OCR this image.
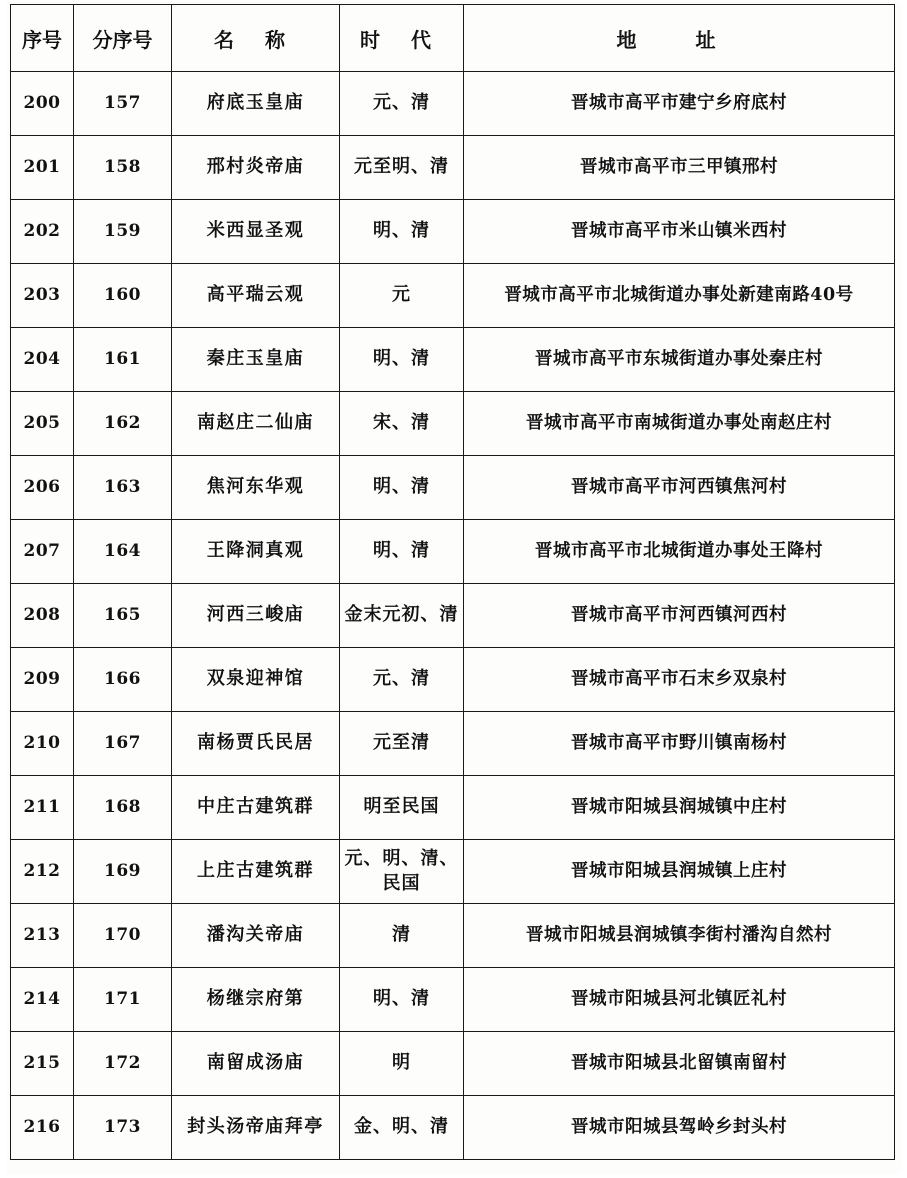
序号	分序号	名 称	时 代	地 址
200	157	府底玉皇庙	元、清	晋城市高平市建宁乡府底村
201	158	邢村炎帝庙	元至明、清	晋城市高平市三甲镇邢村
202	159	米西显圣观	明、清	晋城市高平市米山镇米西村
203	160	高平瑞云观	元	晋城市高平市北城街道办事处新建南路40号
204	161	秦庄玉皇庙	明、清	晋城市高平市东城街道办事处秦庄村
205	162	南赵庄二仙庙	宋、清	晋城市高平市南城街道办事处南赵庄村
206	163	焦河东华观	明、清	晋城市高平市河西镇焦河村
207	164	王降洞真观	明、清	晋城市高平市北城街道办事处王降村
208	165	河西三峻庙	金末元初、清	晋城市高平市河西镇河西村
209	166	双泉迎神馆	元、清	晋城市高平市石末乡双泉村
210	167	南杨贾氏民居	元至清	晋城市高平市野川镇南杨村
211	168	中庄古建筑群	明至民国	晋城市阳城县润城镇中庄村
212	169	上庄古建筑群	元、明、清、民国	晋城市阳城县润城镇上庄村
213	170	潘沟关帝庙	清	晋城市阳城县润城镇李街村潘沟自然村
214	171	杨继宗府第	明、清	晋城市阳城县河北镇匠礼村
215	172	南留成汤庙	明	晋城市阳城县北留镇南留村
216	173	封头汤帝庙拜亭	金、明、清	晋城市阳城县驾岭乡封头村
